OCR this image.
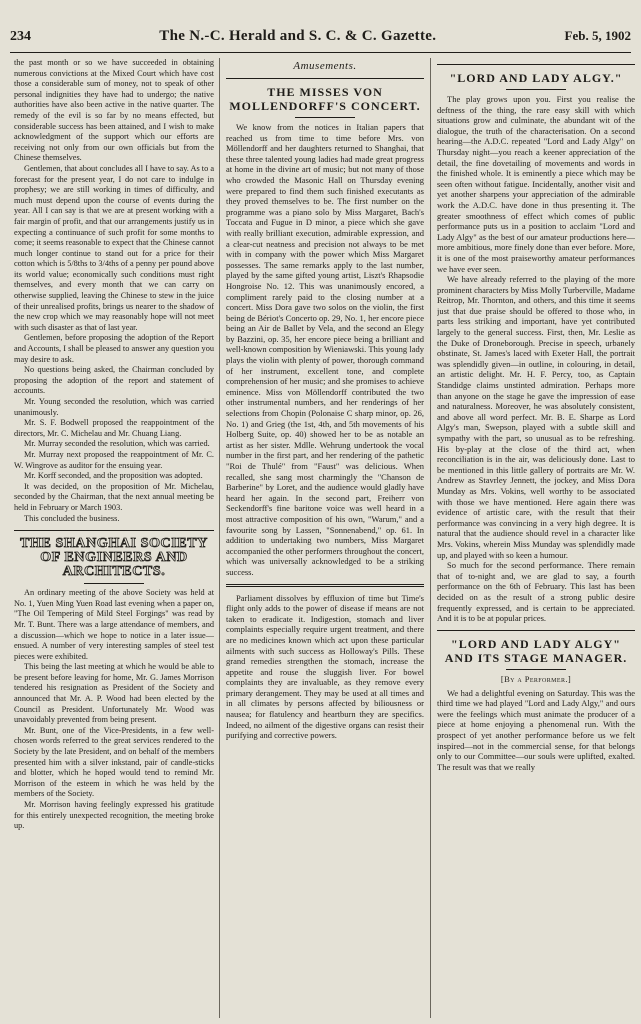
234	The N.-C. Herald and S. C. & C. Gazette.	Feb. 5, 1902

the past month or so we have succeeded in obtaining numerous convictions at the Mixed Court which have cost those a considerable sum of money, not to speak of other personal indignities they have had to undergo; the native authorities have also been active in the native quarter. The remedy of the evil is so far by no means effected, but considerable success has been attained, and I wish to make acknowledgment of the support which our efforts are receiving not only from our own officials but from the Chinese themselves.

Gentlemen, that about concludes all I have to say. As to a forecast for the present year, I do not care to indulge in prophesy; we are still working in times of difficulty, and much must depend upon the course of events during the year. All I can say is that we are at present working with a fair margin of profit, and that our arrangements justify us in expecting a continuance of such profit for some months to come; it seems reasonable to expect that the Chinese cannot much longer continue to stand out for a price for their cotton which is 5/8ths to 3/4ths of a penny per pound above its world value; economically such conditions must right themselves, and every month that we can carry on otherwise supplied, leaving the Chinese to stew in the juice of their unrealised profits, brings us nearer to the shadow of the new crop which we may reasonably hope will not meet with such disaster as that of last year.

Gentlemen, before proposing the adoption of the Report and Accounts, I shall be pleased to answer any question you may desire to ask.

No questions being asked, the Chairman concluded by proposing the adoption of the report and statement of accounts.

Mr. Young seconded the resolution, which was carried unanimously.

Mr. S. F. Bodwell proposed the reappointment of the directors, Mr. C. Michelau and Mr. Chuang Liang.

Mr. Murray seconded the resolution, which was carried.

Mr. Murray next proposed the reappointment of Mr. C. W. Wingrove as auditor for the ensuing year.

Mr. Korff seconded, and the proposition was adopted.

It was decided, on the proposition of Mr. Michelau, seconded by the Chairman, that the next annual meeting be held in February or March 1903.

This concluded the business.

THE SHANGHAI SOCIETY OF ENGINEERS AND ARCHITECTS.

An ordinary meeting of the above Society was held at No. 1, Yuen Ming Yuen Road last evening when a paper on, "The Oil Tempering of Mild Steel Forgings" was read by Mr. T. Bunt. There was a large attendance of members, and a discussion—which we hope to notice in a later issue—ensued. A number of very interesting samples of steel test pieces were exhibited.

This being the last meeting at which he would be able to be present before leaving for home, Mr. G. James Morrison tendered his resignation as President of the Society and announced that Mr. A. P. Wood had been elected by the Council as President. Unfortunately Mr. Wood was unavoidably prevented from being present.

Mr. Bunt, one of the Vice-Presidents, in a few well-chosen words referred to the great services rendered to the Society by the late President, and on behalf of the members presented him with a silver inkstand, pair of candle-sticks and blotter, which he hoped would tend to remind Mr. Morrison of the esteem in which he was held by the members of the Society.

Mr. Morrison having feelingly expressed his gratitude for this entirely unexpected recognition, the meeting broke up.

Amusements.
THE MISSES VON MOLLENDORFF'S CONCERT.

We know from the notices in Italian papers that reached us from time to time before Mrs. von Möllendorff and her daughters returned to Shanghai, that these three talented young ladies had made great progress at home in the divine art of music; but not many of those who crowded the Masonic Hall on Thursday evening were prepared to find them such finished executants as they proved themselves to be. The first number on the programme was a piano solo by Miss Margaret, Bach's Toccata and Fugue in D minor, a piece which she gave with really brilliant execution, admirable expression, and a clear-cut neatness and precision not always to be met with in company with the power which Miss Margaret possesses. The same remarks apply to the last number, played by the same gifted young artist, Liszt's Rhapsodie Hongroise No. 12. This was unanimously encored, a compliment rarely paid to the closing number at a concert. Miss Dora gave two solos on the violin, the first being de Bériot's Concerto op. 29, No. 1, her encore piece being an Air de Ballet by Vela, and the second an Elegy by Bazzini, op. 35, her encore piece being a brilliant and well-known composition by Wieniawski. This young lady plays the violin with plenty of power, thorough command of her instrument, excellent tone, and complete comprehension of her music; and she promises to achieve eminence. Miss von Möllendorff contributed the two other instrumental numbers, and her renderings of her selections from Chopin (Polonaise C sharp minor, op. 26, No. 1) and Grieg (the 1st, 4th, and 5th movements of his Holberg Suite, op. 40) showed her to be as notable an artist as her sister. Mdlle. Wehrung undertook the vocal number in the first part, and her rendering of the pathetic "Roi de Thulé" from "Faust" was delicious. When recalled, she sang most charmingly the "Chanson de Barberine" by Loret, and the audience would gladly have heard her again. In the second part, Freiherr von Seckendorff's fine baritone voice was well heard in a most attractive composition of his own, "Warum," and a favourite song by Lassen, "Sonnenabend," op. 61. In addition to undertaking two numbers, Miss Margaret accompanied the other performers throughout the concert, which was universally acknowledged to be a striking success.

Parliament dissolves by effluxion of time but Time's flight only adds to the power of disease if means are not taken to eradicate it. Indigestion, stomach and liver complaints especially require urgent treatment, and there are no medicines known which act upon these particular ailments with such success as Holloway's Pills. These grand remedies strengthen the stomach, increase the appetite and rouse the sluggish liver. For bowel complaints they are invaluable, as they remove every primary derangement. They may be used at all times and in all climates by persons affected by biliousness or nausea; for flatulency and heartburn they are specifics. Indeed, no ailment of the digestive organs can resist their purifying and corrective powers.

"LORD AND LADY ALGY."

The play grows upon you. First you realise the deftness of the thing, the rare easy skill with which situations grow and culminate, the abundant wit of the dialogue, the truth of the characterisation. On a second hearing—the A.D.C. repeated "Lord and Lady Algy" on Thursday night—you reach a keener appreciation of the detail, the fine dovetailing of movements and words in the finished whole. It is eminently a piece which may be seen often without fatigue. Incidentally, another visit and yet another sharpens your appreciation of the admirable work the A.D.C. have done in thus presenting it. The greater smoothness of effect which comes of public performance puts us in a position to acclaim "Lord and Lady Algy" as the best of our amateur productions here—more ambitious, more finely done than ever before. More, it is one of the most praiseworthy amateur performances we have ever seen.

We have already referred to the playing of the more prominent characters by Miss Molly Turberville, Madame Reitrop, Mr. Thornton, and others, and this time it seems just that due praise should be offered to those who, in parts less striking and important, have yet contributed largely to the general success. First, then, Mr. Leslie as the Duke of Droneborough. Precise in speech, urbanely obstinate, St. James's laced with Exeter Hall, the portrait was splendidly given—in outline, in colouring, in detail, an artistic delight. Mr. H. F. Percy, too, as Captain Standidge claims unstinted admiration. Perhaps more than anyone on the stage he gave the impression of ease and naturalness. Moreover, he was absolutely consistent, and above all word perfect. Mr. B. E. Sharpe as Lord Algy's man, Swepson, played with a subtle skill and sympathy with the part, so unusual as to be refreshing. His by-play at the close of the third act, when reconciliation is in the air, was deliciously done. Last to be mentioned in this little gallery of portraits are Mr. W. Andrew as Stavrley Jennett, the jockey, and Miss Dora Munday as Mrs. Vokins, well worthy to be associated with those we have mentioned. Here again there was evidence of artistic care, with the result that their performance was convincing in a very high degree. It is natural that the audience should revel in a character like Mrs. Vokins, wherein Miss Munday was splendidly made up, and played with so keen a humour.

So much for the second performance. There remain that of to-night and, we are glad to say, a fourth performance on the 6th of February. This last has been decided on as the result of a strong public desire frequently expressed, and is certain to be appreciated. And it is to be at popular prices.

"LORD AND LADY ALGY" AND ITS STAGE MANAGER.
[By a Performer.]

We had a delightful evening on Saturday. This was the third time we had played "Lord and Lady Algy," and ours were the feelings which must animate the producer of a piece at home enjoying a phenomenal run. With the prospect of yet another performance before us we felt inspired—not in the commercial sense, for that belongs only to our Committee—our souls were uplifted, exalted. The result was that we really
